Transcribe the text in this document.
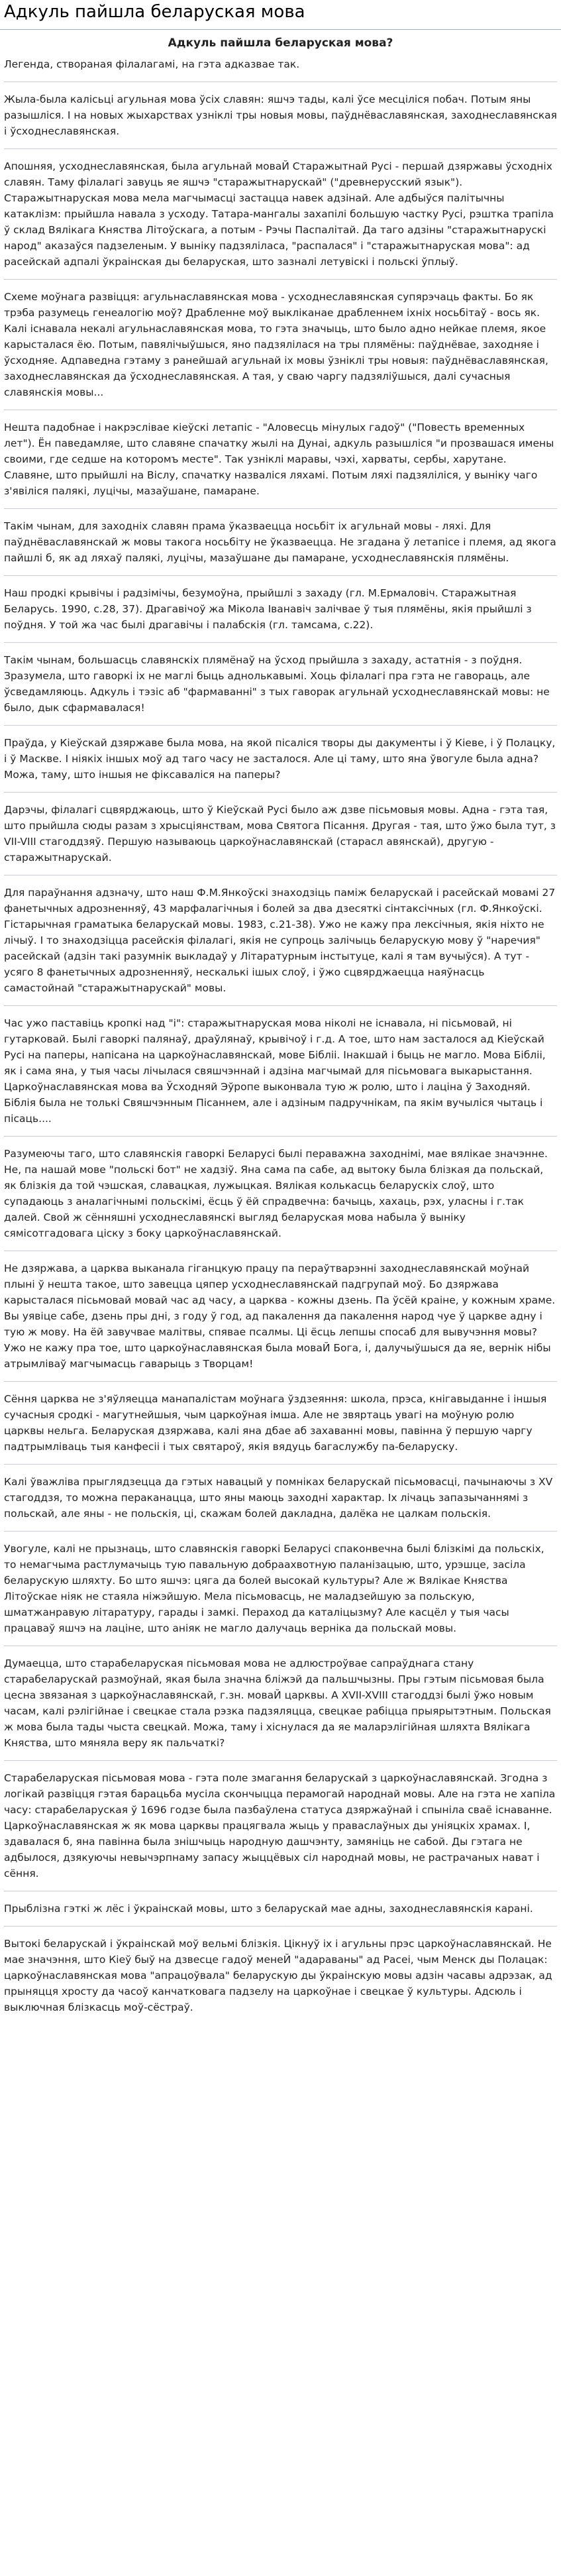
Адкуль пайшла беларуская мова
Адкуль пайшла беларуская мова?

Легенда, створаная філалагамі, на гэта адказвае так.

Жыла-была калісьці агульная мова ўсіх славян: яшчэ тады, калі ўсе месціліся побач. Потым яны разышліся. І на новых жыхарствах узніклі тры новыя мовы, паўднёваславянская, заходнеславянская і ўсходнеславянская.

Апошняя, усходнеславянская, была агульнай моваЙ Старажытнай Русі - першай дзяржавы ўсходніх славян. Таму філалагі завуць яе яшчэ "старажытнарускай" ("древнерусский язык"). Старажытнаруская мова мела магчымасці застацца навек адзінай. Але адбыўся палітычны катаклізм: прыйшла навала з усходу. Татара-мангалы захапілі большую частку Русі, рэштка трапіла ў склад Вялікага Княства Літоўскага, а потым - Рэчы Паспалітай. Да таго адзіны "старажытнарускі народ" аказаўся падзеленым. У выніку падзяліласа, "распалася" і "старажытнаруская мова": ад расейскай адпалі ўкраінская ды беларуская, што зазналі летувіскі і польскі ўплыў.

Схеме моўнага развіцця: агульнаславянская мова - усходнеславянская супярэчаць факты. Бо як трэба разумець генеалогію моў? Драбленне моў выкліканае драбленнем іхніх носьбітаў - вось як. Калі існавала некалі агульнаславянская мова, то гэта значыць, што было адно нейкае племя, якое карысталася ёю. Потым, павялічыўшыся, яно падзялілася на тры плямёны: паўднёвае, заходняе і ўсходняе. Адпаведна гэтаму з ранейшай агульнай іх мовы ўзніклі тры новыя: паўднёваславянская, заходнеславянская да ўсходнеславянская. А тая, у сваю чаргу падзяліўшыся, далі сучасныя славянскія мовы...

Нешта падобнае і накрэсліваe кіеўскі летапіс - "Аловесць мінулых гадоў" ("Повесть временных лет"). Ён паведамляе, што славяне спачатку жылі на Дунаі, адкуль разышліся "и прозвашася имены своими, где седше на которомъ месте". Так узніклі маравы, чэхі, харваты, сербы, харутане. Славяне, што прыйшлі на Віслу, спачатку назваліся ляхамі. Потым ляхі падзяліліся, у выніку чаго з'явіліся палякі, луцічы, мазаўшане, памаране.

Такім чынам, для заходніх славян прама ўказваецца носьбіт іх агульнай мовы - ляхі. Для паўднёваславянскай ж мовы такога носьбіту не ўказваецца. Не згадана ў летапісе і племя, ад якога пайшлі б, як ад ляхаў палякі, луцічы, мазаўшане ды памаране, усходнеславянскія плямёны.

Наш продкі крывічы і радзімічы, безумоўна, прыйшлі з захаду (гл. М.Ермаловіч. Старажытная Беларусь. 1990, с.28, 37). Драгавічоў жа Мікола Іванавіч залічвае ў тыя плямёны, якія прыйшлі з поўдня. У той жа час былі драгавічы і палабскія (гл. тамсама, с.22).

Такім чынам, большасць славянскіх плямёнаў на ўсход прыйшла з захаду, астатнія - з поўдня. Зразумела, што гаворкі іх не маглі быць аднолькавымі. Хоць філалагі пра гэта не гавораць, але ўсведамляюць. Адкуль і тэзіс аб "фармаванні" з тых гаворак агульнай усходнеславянскай мовы: не было, дык сфармавалася!

Праўда, у Кіеўскай дзяржаве была мова, на якой пісаліся творы ды дакументы і ў Кіеве, і ў Полацку, і ў Маскве. І ніякіх іншых моў ад таго часу не засталося. Але ці таму, што яна ўвогуле была адна? Можа, таму, што іншыя не фіксаваліся на паперы?

Дарэчы, філалагі сцвярджаюць, што ў Кіеўскай Русі было аж дзве пісьмовыя мовы. Адна - гэта тая, што прыйшла сюды разам з хрысціянствам, мова Святога Пісання. Другая - тая, што ўжо была тут, з VII-VIII стагоддзяў. Першую называюць царкоўнаславянскай (старасл авянскай), другую - старажытнарускай.

Для параўнання адзначу, што наш Ф.М.Янкоўскі знаходзіць паміж беларускай і расейскай мовамі 27 фанетычных адрозненняў, 43 марфалагічныя і болей за два дзесяткі сінтаксічных (гл. Ф.Янкоўскі. Гістарычная граматыка беларускай мовы. 1983, с.21-38). Ужо не кажу пра лексічныя, якія ніхто не лічыў. І то знаходзіцца расейскія філалагі, якія не супроць залічыць беларускую мову ў "наречия" расейскай (адзін такі разумнік выкладаў у Літаратурным інстытуце, калі я там вучыўся). А тут - усяго 8 фанетычных адрозненняў, нескалькі ішых слоў, і ўжо сцвярджаецца наяўнасць самастойнай "старажытнарускай" мовы.

Час ужо паставіць кропкі над "і": старажытнаруская мова ніколі не існавала, ні пісьмовай, ні гутарковай. Былі гаворкі палянаў, драўлянаў, крывічоў і г.д. А тое, што нам засталося ад Кіеўскай Русі на паперы, напісана на царкоўнаславянскай, мове Бібліі. Інакшай і быць не магло. Мова Бібліі, як і сама яна, у тыя часы лічылася свяшчэннай і адзіна магчымай для пісьмовага выкарыстання. Царкоўнаславянская мова ва Ўсходняй Эўропе выконвала тую ж ролю, што і лаціна ў Заходняй. Біблія была не толькі Свяшчэнным Пісаннем, але і адзіным падручнікам, па якім вучыліся чытаць і пісаць....

Разумеючы таго, што славянскія гаворкі Беларусі былі пераважна заходнімі, мае вялікае значэнне. Не, па нашай мове "польскі бот" не хадзіў. Яна сама па сабе, ад вытоку была блізкая да польскай, як блізкія да той чэшская, славацкая, лужыцкая. Вялікая колькасць беларускіх слоў, што супадаюць з аналагічнымі польскімі, ёсць ў ёй спрадвечна: бачыць, хахаць, рэх, уласны і г.так далей. Свой ж сённяшні усходнеславянскі выгляд беларуская мова набыла ў выніку сямісотгадовага ціску з боку царкоўнаславянскай.

Не дзяржава, а царква выканала гіганцкую працу па пераўтварэнні заходнеславянскай моўнай плыні ў нешта такое, што завецца цяпер усходнеславянскай падгрупай моў. Бо дзяржава карысталася пісьмовай мовай час ад часу, а царква - кожны дзень. Па ўсёй краіне, у кожным храме. Вы уявіце сабе, дзень пры дні, з году ў год, ад пакалення да пакалення народ чуе ў царкве адну і тую ж мову. На ёй завучвае малітвы, спявае псалмы. Ці ёсць лепшы спосаб для вывучэння мовы? Ужо не кажу пра тое, што царкоўнаславянская была моваЙ Бога, і, далучыўшыся да яе, вернік нібы атрымліваў магчымасць гаварыць з Творцам!

Сёння царква не з'яўляецца манапалістам моўнага ўздзеяння: школа, прэса, кнігавыданне і іншыя сучасныя сродкі - магутнейшыя, чым царкоўная імша. Але не звяртаць увагі на моўную ролю царквы нельга. Беларуская дзяржава, калі яна дбае аб захаванні мовы, павінна ў першую чаргу падтрымліваць тыя канфесіі і тых святароў, якія вядуць багаслужбу па-беларуску.

Калі ўважліва прыглядзецца да гэтых навацый у помніках беларускай пісьмовасці, пачынаючы з XV стагоддзя, то можна пераканацца, што яны маюць заходні характар. Іх лічаць запазычаннямі з польскай, але яны - не польскія, ці, скажам болей дакладна, далёка не цалкам польскія.

Увогуле, калі не прызнаць, што славянскія гаворкі Беларусі спаконвечна былі блізкімі да польскіх, то немагчыма растлумачыць тую павальную добраахвотную паланізацыю, што, урэшце, засіла беларускую шляхту. Бо што яшчэ: цяга да болей высокай культуры? Але ж Вялікае Княства Літоўскае ніяк не стаяла ніжэйшую. Мела пісьмовасць, не маладзейшую за польскую, шматжанравую літаратуру, гарады і замкі. Пераход да каталіцызму? Але касцёл у тыя часы працаваў яшчэ на лаціне, што аніяк не магло далучаць верніка да польскай мовы.

Думаецца, што старабеларуская пісьмовая мова не адлюстроўвае сапраўднага стану старабеларускай размоўнай, якая была значна бліжэй да пальшчызны. Пры гэтым пісьмовая была цесна звязаная з царкоўнаславянскай, г.зн. моваЙ царквы. А XVII-XVIII стагоддзі былі ўжо новым часам, калі рэлігійнае і свецкае стала рэзка падзяляцца, свецкае рабіцца прыярытэтным. Польская ж мова была тады чыста свецкай. Можа, таму і хіснулася да яе маларэлігійная шляхта Вялікага Княства, што мяняла веру як пальчаткі?

Старабеларуская пісьмовая мова - гэта поле змагання беларускай з царкоўнаславянскай. Згодна з логікай развіцця гэтая барацьба мусіла скончыцца перамогай народнай мовы. Але на гэта не хапіла часу: старабеларуская ў 1696 годзе была пазбаўлена статуса дзяржаўнай і спыніла сваё існаванне. Царкоўнаславянская ж як мова царквы працягвала жыць у праваслаўных ды уніяцкіх храмах. І, здавалася б, яна павінна была знішчыць народную дашчэнту, замяніць не сабой. Ды гэтага не адбылося, дзякуючы невычэрпнаму запасу жыццёвых сіл народнай мовы, не растрачаных нават і сёння.

Прыблізна гэткі ж лёс і ўкраінскай мовы, што з беларускай мае адны, заходнеславянскія карані.

Вытокі беларускай і ўкраінскай моў вельмі блізкія. Цікнуў іх і агульны прэс царкоўнаславянскай. Не мае значэння, што Кіеў быў на дзвесце гадоў менеЙ "адараваны" ад Расеі, чым Менск ды Полацак: царкоўнаславянская мова "апрацоўвала" беларускую ды ўкраінскую мовы адзін часавы адрэзак, ад прыняцця хросту да часоў канчатковага падзелу на царкоўнае і свецкае ў культуры. Адсюль і выключная блізкасць моў-сёстраў.
